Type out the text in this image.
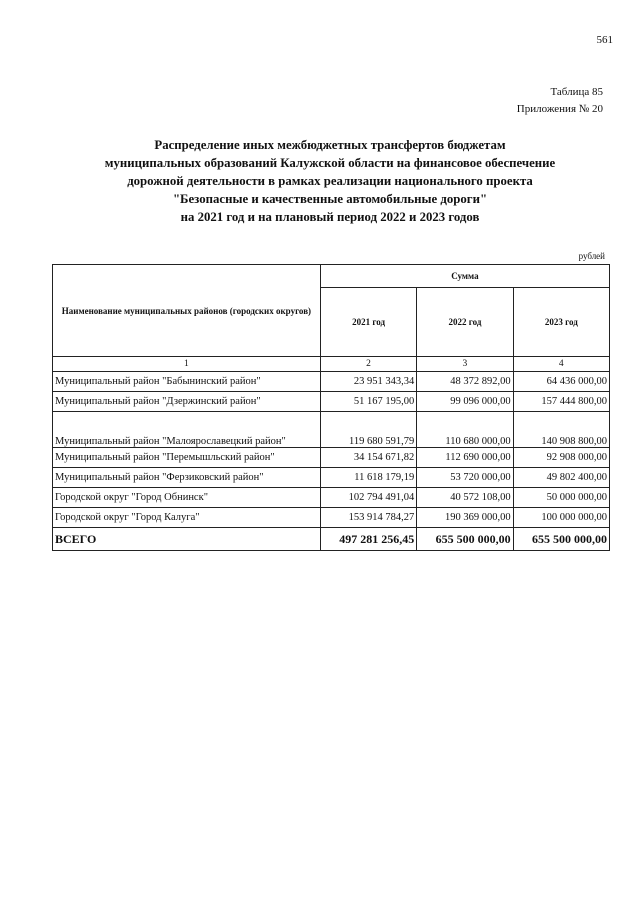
561
Таблица 85
Приложения № 20
Распределение иных межбюджетных трансфертов бюджетам
муниципальных образований Калужской области на финансовое обеспечение
дорожной деятельности в рамках реализации национального проекта
"Безопасные и качественные автомобильные дороги"
на 2021 год и на плановый период 2022 и 2023 годов
рублей
Наименование муниципальных районов (городских округов)	Сумма		
	2021 год	2022 год	2023 год
1	2	3	4
Муниципальный район "Бабынинский район"	23 951 343,34	48 372 892,00	64 436 000,00
Муниципальный район "Дзержинский район"	51 167 195,00	99 096 000,00	157 444 800,00
Муниципальный район "Малоярославецкий район"	119 680 591,79	110 680 000,00	140 908 800,00
Муниципальный район "Перемышльский район"	34 154 671,82	112 690 000,00	92 908 000,00
Муниципальный район "Ферзиковский район"	11 618 179,19	53 720 000,00	49 802 400,00
Городской округ "Город Обнинск"	102 794 491,04	40 572 108,00	50 000 000,00
Городской округ "Город Калуга"	153 914 784,27	190 369 000,00	100 000 000,00
ВСЕГО	497 281 256,45	655 500 000,00	655 500 000,00
